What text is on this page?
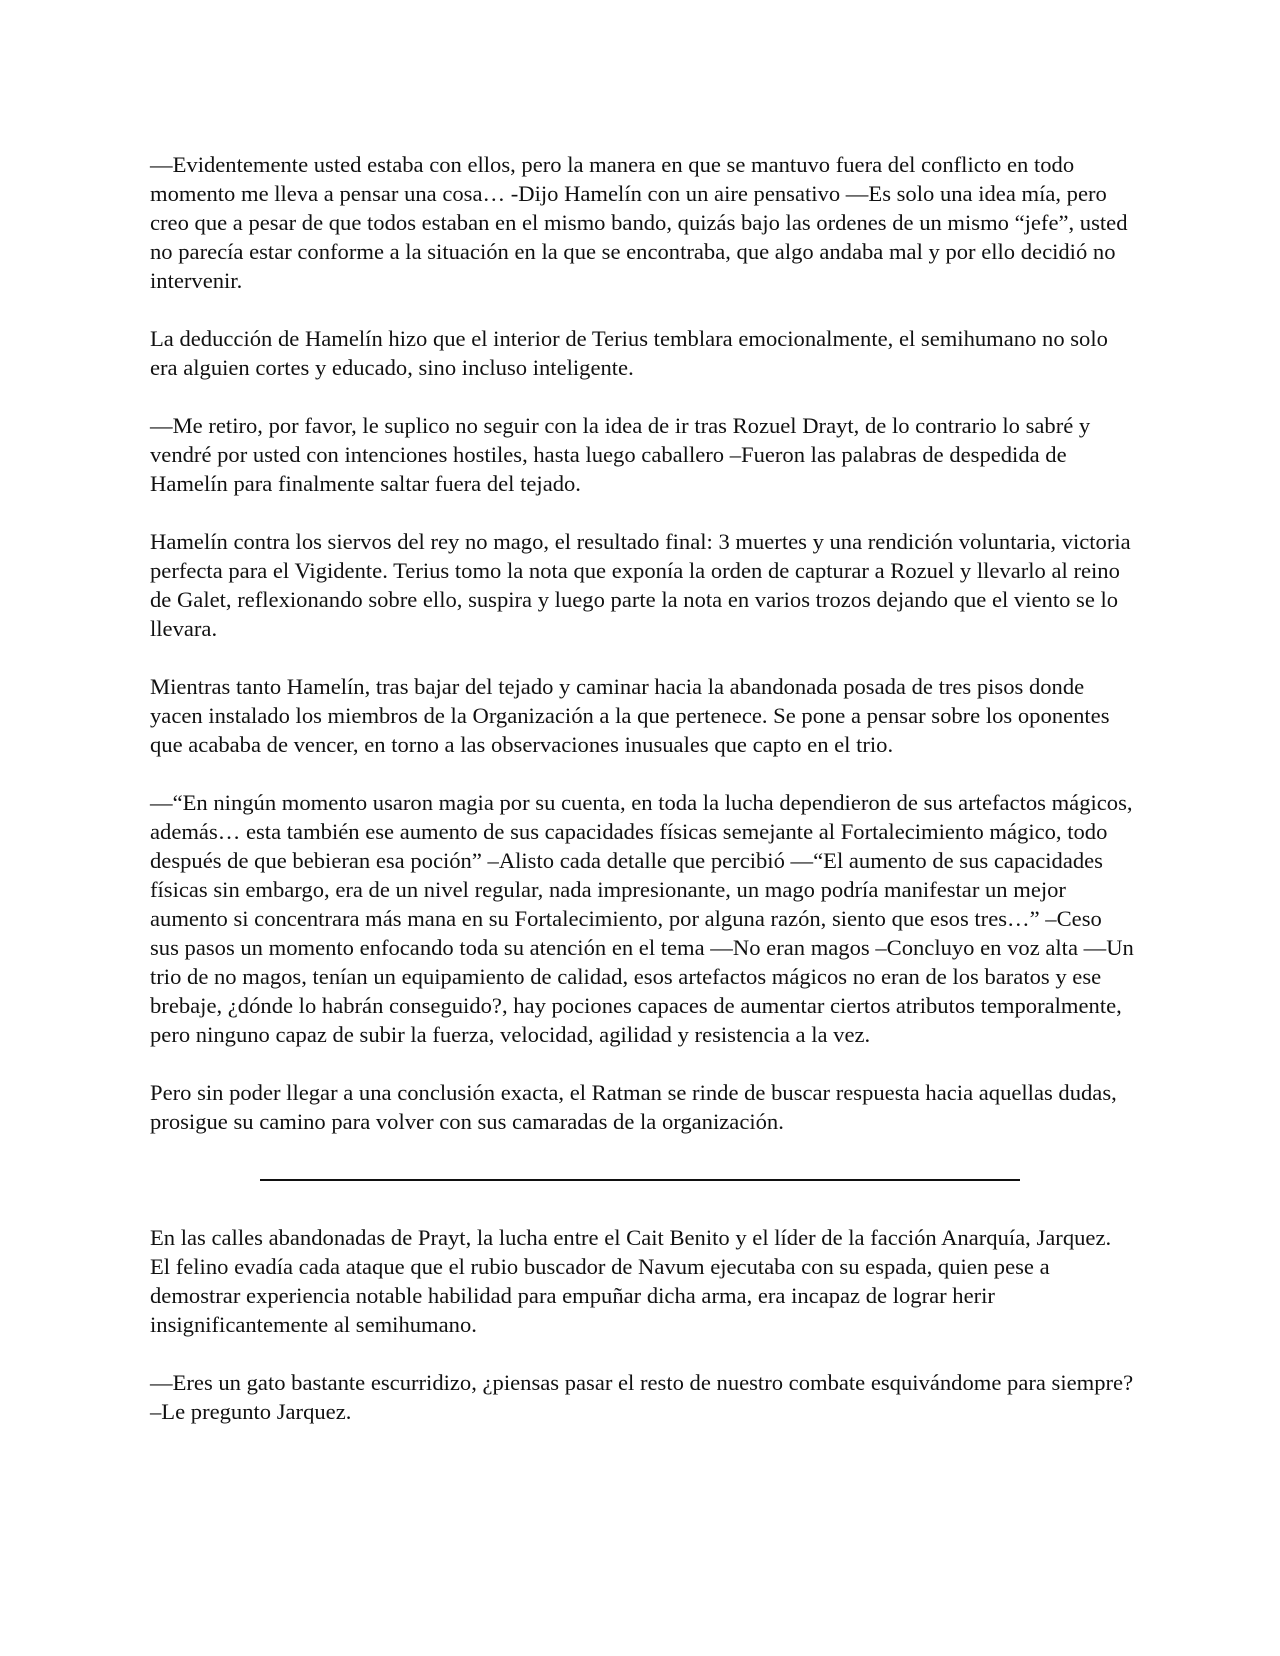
—Evidentemente usted estaba con ellos, pero la manera en que se mantuvo fuera del conflicto en todo momento me lleva a pensar una cosa… -Dijo Hamelín con un aire pensativo —Es solo una idea mía, pero creo que a pesar de que todos estaban en el mismo bando, quizás bajo las ordenes de un mismo “jefe”, usted no parecía estar conforme a la situación en la que se encontraba, que algo andaba mal y por ello decidió no intervenir.

La deducción de Hamelín hizo que el interior de Terius temblara emocionalmente, el semihumano no solo era alguien cortes y educado, sino incluso inteligente.

—Me retiro, por favor, le suplico no seguir con la idea de ir tras Rozuel Drayt, de lo contrario lo sabré y vendré por usted con intenciones hostiles, hasta luego caballero –Fueron las palabras de despedida de Hamelín para finalmente saltar fuera del tejado.

Hamelín contra los siervos del rey no mago, el resultado final: 3 muertes y una rendición voluntaria, victoria perfecta para el Vigidente. Terius tomo la nota que exponía la orden de capturar a Rozuel y llevarlo al reino de Galet, reflexionando sobre ello, suspira y luego parte la nota en varios trozos dejando que el viento se lo llevara.

Mientras tanto Hamelín, tras bajar del tejado y caminar hacia la abandonada posada de tres pisos donde yacen instalado los miembros de la Organización a la que pertenece. Se pone a pensar sobre los oponentes que acababa de vencer, en torno a las observaciones inusuales que capto en el trio.

—“En ningún momento usaron magia por su cuenta, en toda la lucha dependieron de sus artefactos mágicos, además… esta también ese aumento de sus capacidades físicas semejante al Fortalecimiento mágico, todo después de que bebieran esa poción” –Alisto cada detalle que percibió —“El aumento de sus capacidades físicas sin embargo, era de un nivel regular, nada impresionante, un mago podría manifestar un mejor aumento si concentrara más mana en su Fortalecimiento, por alguna razón, siento que esos tres…” –Ceso sus pasos un momento enfocando toda su atención en el tema —No eran magos –Concluyo en voz alta —Un trio de no magos, tenían un equipamiento de calidad, esos artefactos mágicos no eran de los baratos y ese brebaje, ¿dónde lo habrán conseguido?, hay pociones capaces de aumentar ciertos atributos temporalmente, pero ninguno capaz de subir la fuerza, velocidad, agilidad y resistencia a la vez.

Pero sin poder llegar a una conclusión exacta, el Ratman se rinde de buscar respuesta hacia aquellas dudas, prosigue su camino para volver con sus camaradas de la organización.

En las calles abandonadas de Prayt, la lucha entre el Cait Benito y el líder de la facción Anarquía, Jarquez. El felino evadía cada ataque que el rubio buscador de Navum ejecutaba con su espada, quien pese a demostrar experiencia notable habilidad para empuñar dicha arma, era incapaz de lograr herir insignificantemente al semihumano.

—Eres un gato bastante escurridizo, ¿piensas pasar el resto de nuestro combate esquivándome para siempre? –Le pregunto Jarquez.
